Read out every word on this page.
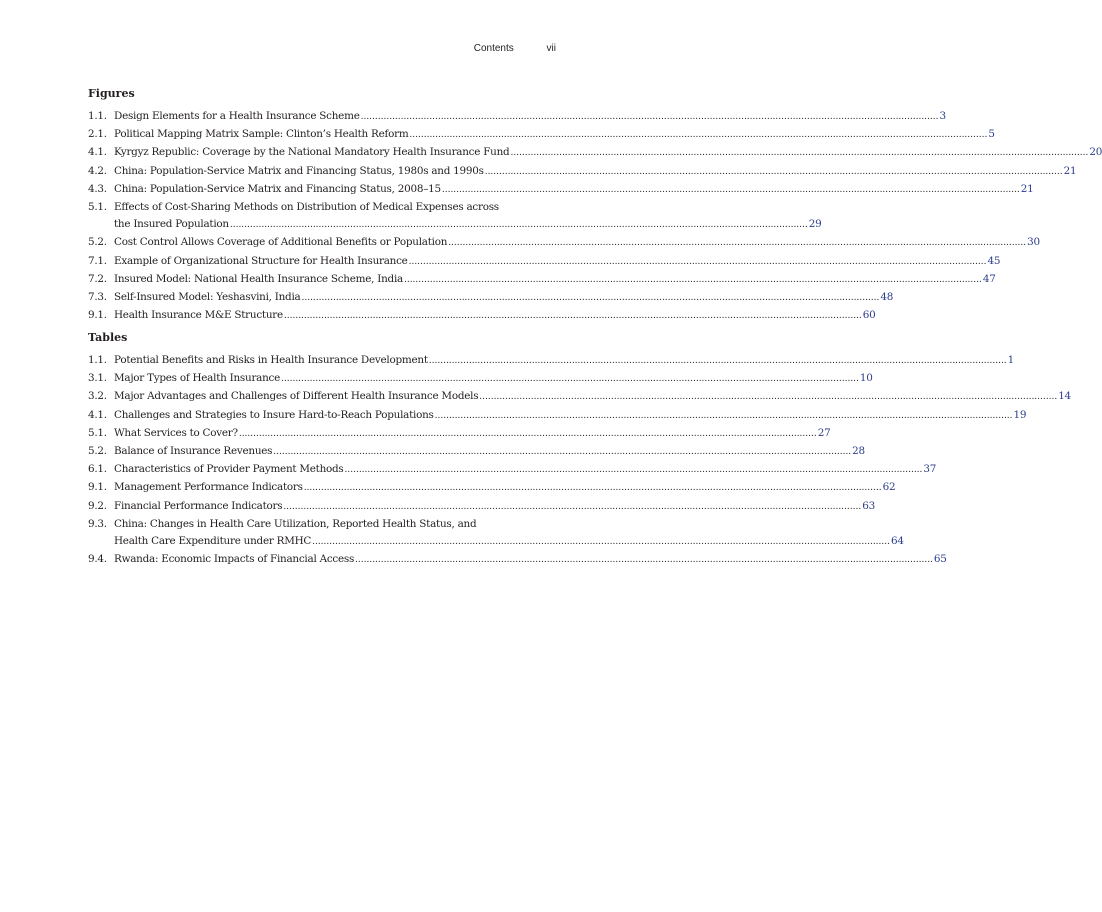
Contents	vii
Figures
1.1. Design Elements for a Health Insurance Scheme .....	3
2.1. Political Mapping Matrix Sample: Clinton’s Health Reform .....	5
4.1. Kyrgyz Republic: Coverage by the National Mandatory Health Insurance Fund .....	20
4.2. China: Population-Service Matrix and Financing Status, 1980s and 1990s .....	21
4.3. China: Population-Service Matrix and Financing Status, 2008–15 .....	21
5.1. Effects of Cost-Sharing Methods on Distribution of Medical Expenses across
the Insured Population .....	29
5.2. Cost Control Allows Coverage of Additional Benefits or Population .....	30
7.1. Example of Organizational Structure for Health Insurance .....	45
7.2. Insured Model: National Health Insurance Scheme, India .....	47
7.3. Self-Insured Model: Yeshasvini, India .....	48
9.1. Health Insurance M&E Structure .....	60
Tables
1.1. Potential Benefits and Risks in Health Insurance Development .....	1
3.1. Major Types of Health Insurance .....	10
3.2. Major Advantages and Challenges of Different Health Insurance Models .....	14
4.1. Challenges and Strategies to Insure Hard-to-Reach Populations .....	19
5.1. What Services to Cover? .....	27
5.2. Balance of Insurance Revenues .....	28
6.1. Characteristics of Provider Payment Methods .....	37
9.1. Management Performance Indicators .....	62
9.2. Financial Performance Indicators .....	63
9.3. China: Changes in Health Care Utilization, Reported Health Status, and
Health Care Expenditure under RMHC .....	64
9.4. Rwanda: Economic Impacts of Financial Access .....	65
